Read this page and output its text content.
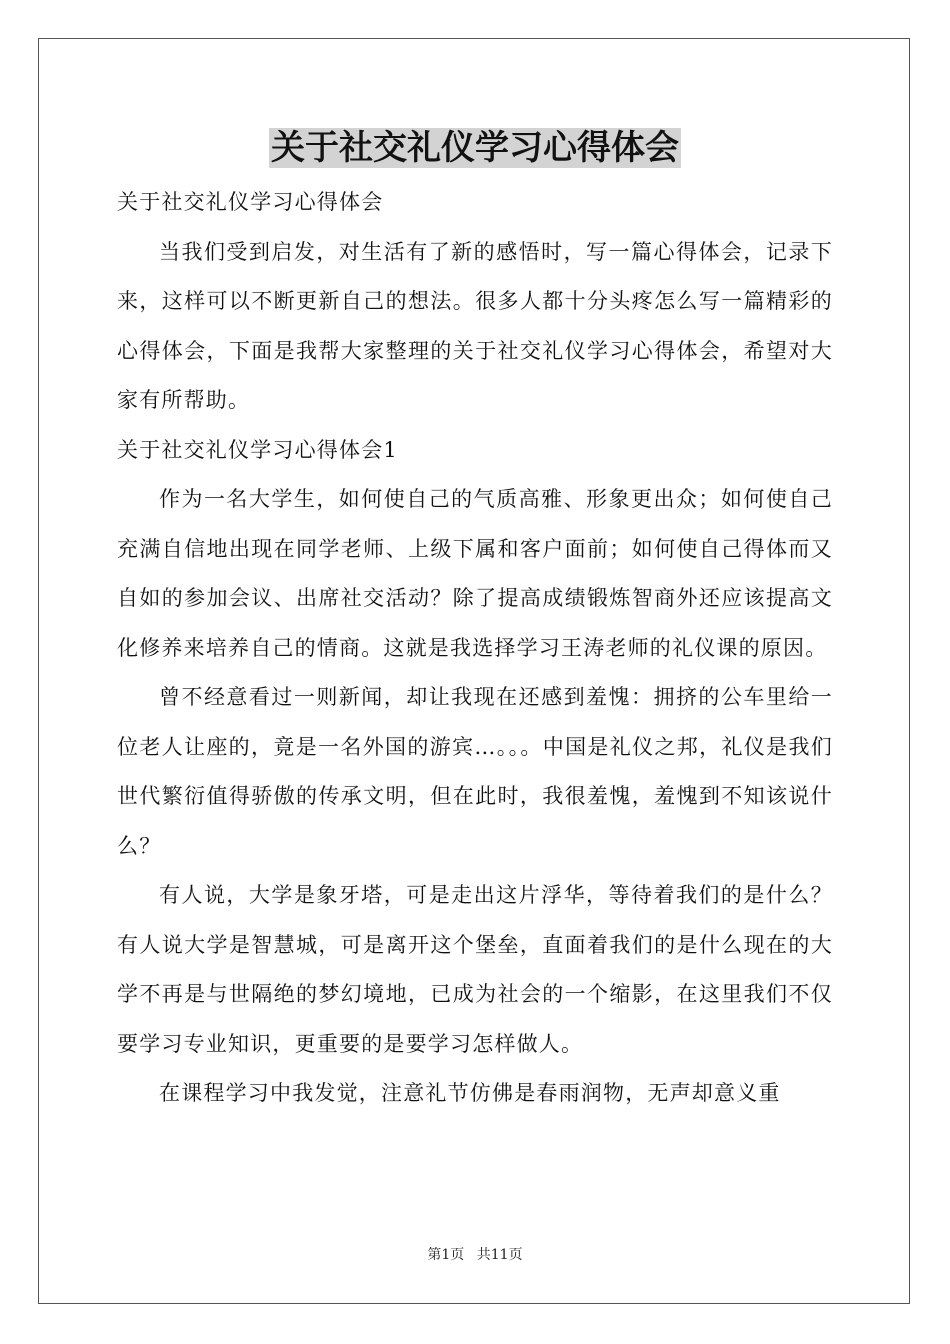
关于社交礼仪学习心得体会

关于社交礼仪学习心得体会

当我们受到启发，对生活有了新的感悟时，写一篇心得体会，记录下来，这样可以不断更新自己的想法。很多人都十分头疼怎么写一篇精彩的心得体会，下面是我帮大家整理的关于社交礼仪学习心得体会，希望对大家有所帮助。

关于社交礼仪学习心得体会1

作为一名大学生，如何使自己的气质高雅、形象更出众；如何使自己充满自信地出现在同学老师、上级下属和客户面前；如何使自己得体而又自如的参加会议、出席社交活动？除了提高成绩锻炼智商外还应该提高文化修养来培养自己的情商。这就是我选择学习王涛老师的礼仪课的原因。

曾不经意看过一则新闻，却让我现在还感到羞愧：拥挤的公车里给一位老人让座的，竟是一名外国的游宾…。。。中国是礼仪之邦，礼仪是我们世代繁衍值得骄傲的传承文明，但在此时，我很羞愧，羞愧到不知该说什么？

有人说，大学是象牙塔，可是走出这片浮华，等待着我们的是什么？有人说大学是智慧城，可是离开这个堡垒，直面着我们的是什么现在的大学不再是与世隔绝的梦幻境地，已成为社会的一个缩影，在这里我们不仅要学习专业知识，更重要的是要学习怎样做人。

在课程学习中我发觉，注意礼节仿佛是春雨润物，无声却意义重

第1页 共11页
